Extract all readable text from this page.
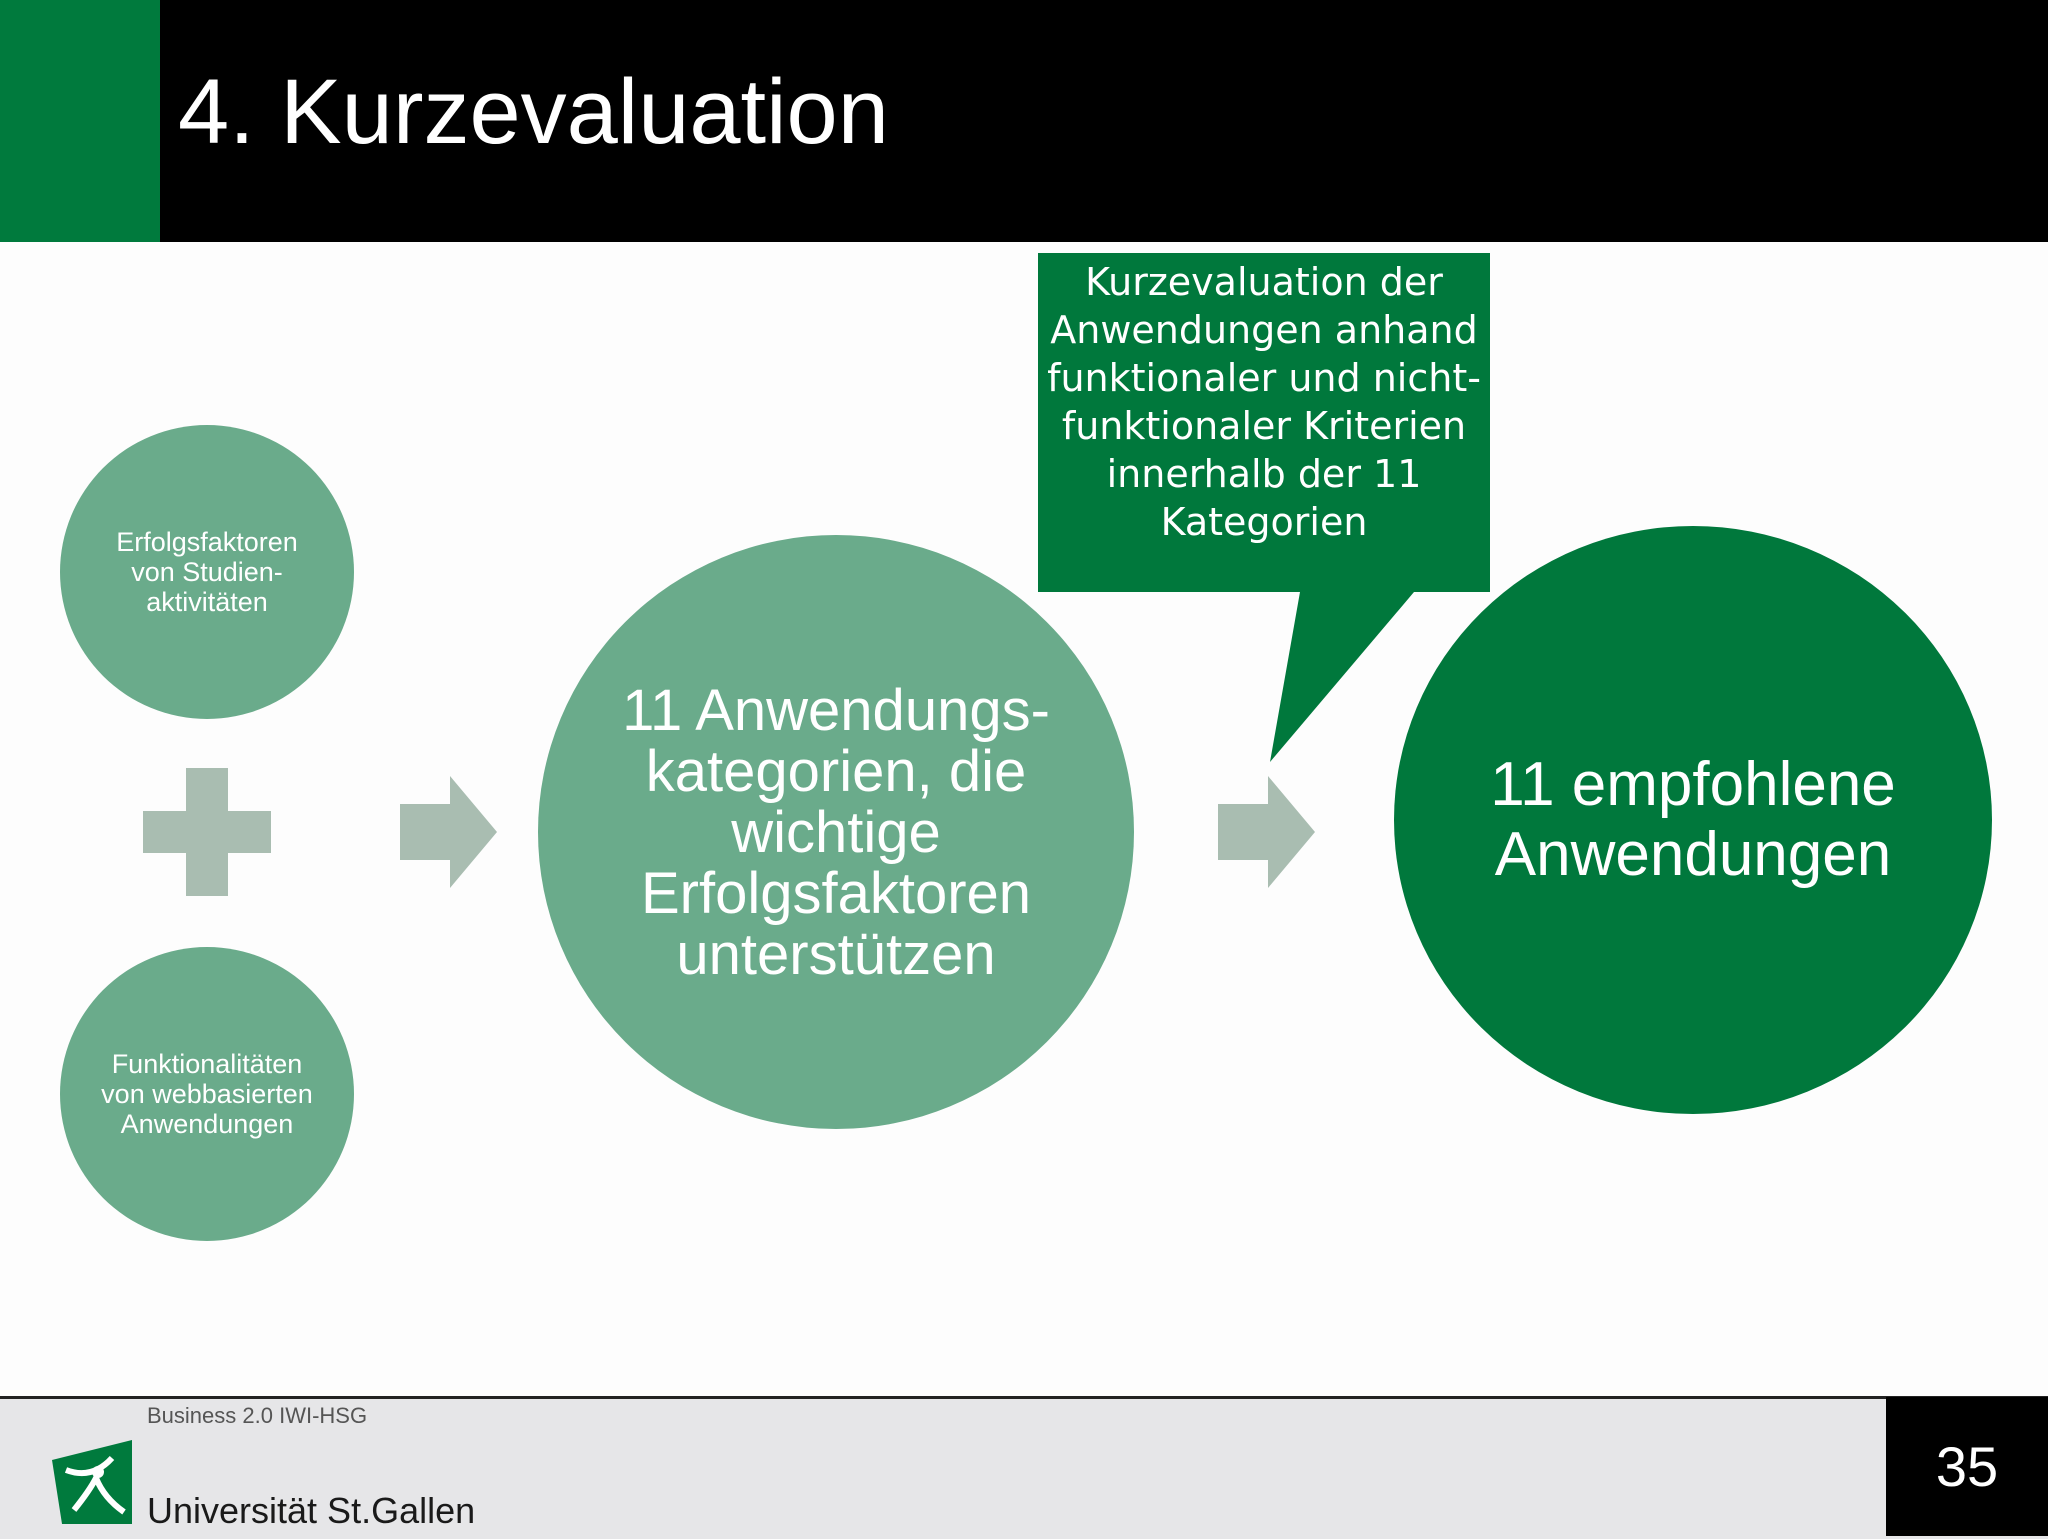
4. Kurzevaluation
Kurzevaluation der Anwendungen anhand funktionaler und nicht-funktionaler Kriterien innerhalb der 11 Kategorien
Erfolgsfaktoren von Studien-aktivitäten
Funktionalitäten von webbasierten Anwendungen
11 Anwendungs-kategorien, die wichtige Erfolgsfaktoren unterstützen
11 empfohlene Anwendungen
Business 2.0 IWI-HSG
Universität St.Gallen
35
